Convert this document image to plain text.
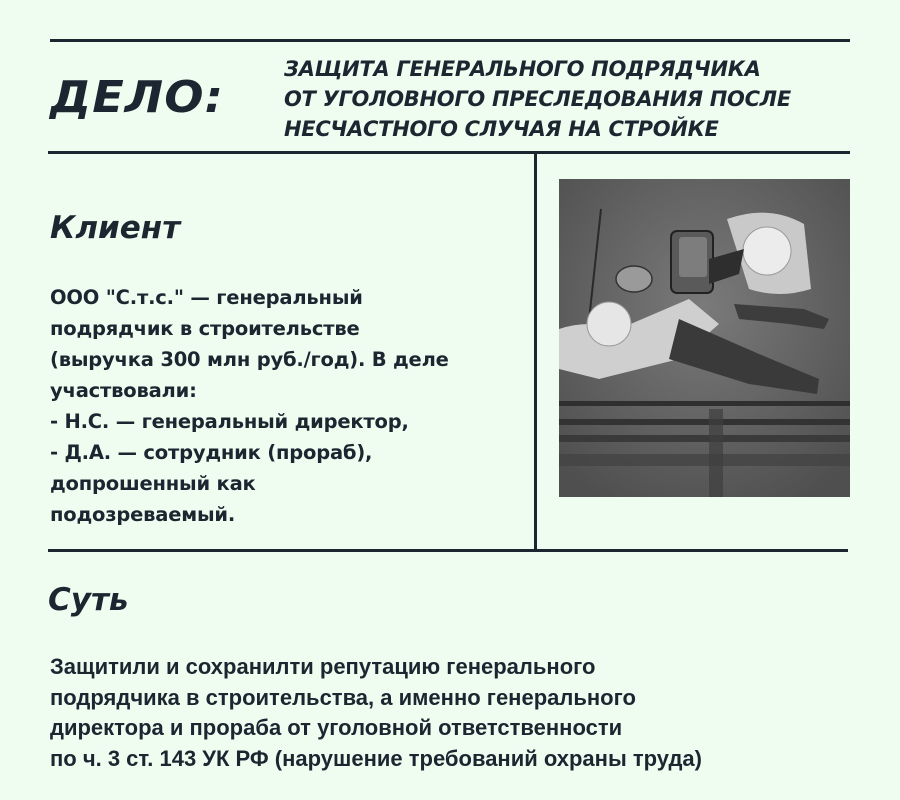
ДЕЛО:
ЗАЩИТА ГЕНЕРАЛЬНОГО ПОДРЯДЧИКА
ОТ УГОЛОВНОГО ПРЕСЛЕДОВАНИЯ ПОСЛЕ
НЕСЧАСТНОГО СЛУЧАЯ НА СТРОЙКЕ
Клиент
ООО "С.т.с." — генеральный
подрядчик в строительстве
(выручка 300 млн руб./год). В деле
участвовали:
- Н.С. — генеральный директор,
- Д.А. — сотрудник (прораб),
допрошенный как
подозреваемый.
Суть
Защитили и сохранилти репутацию генерального
подрядчика в строительства, а именно генерального
директора и прораба от уголовной ответственности
по ч. 3 ст. 143 УК РФ (нарушение требований охраны труда)
